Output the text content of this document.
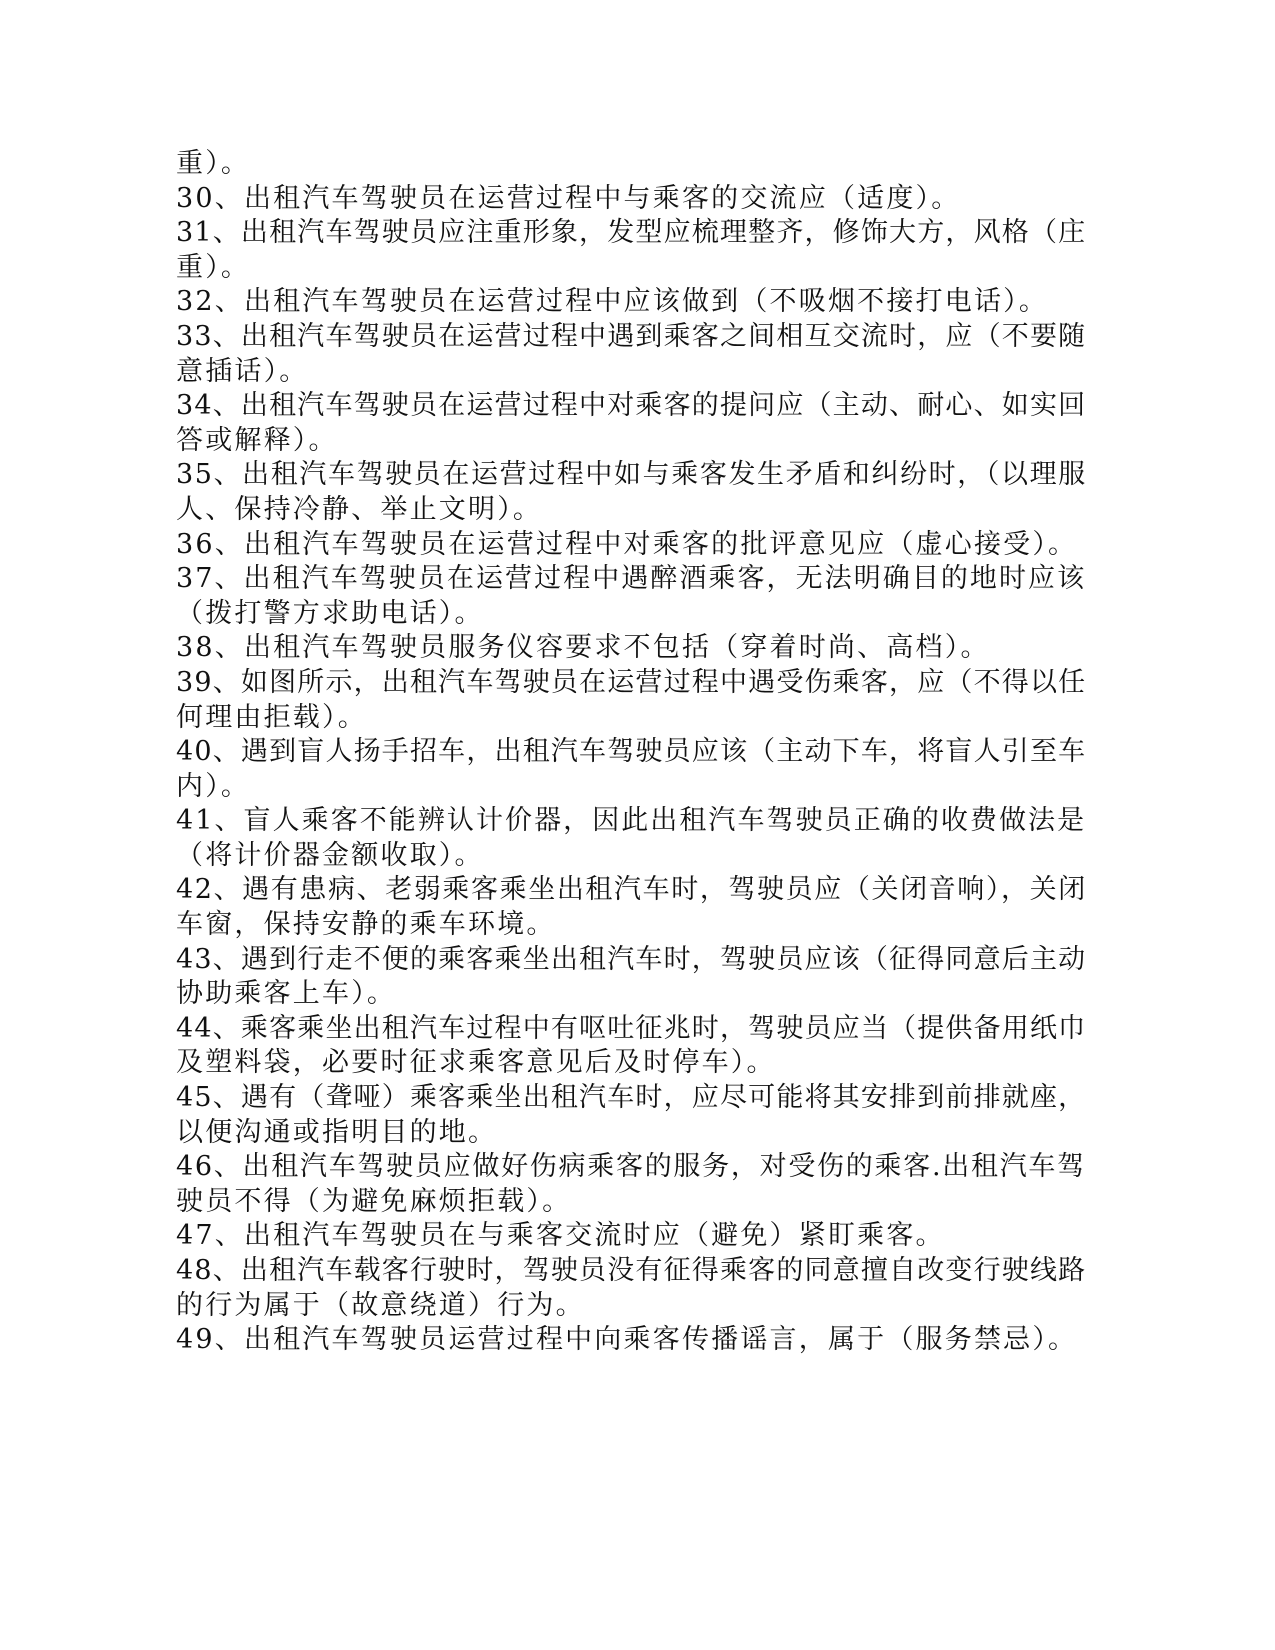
重）。
30、出租汽车驾驶员在运营过程中与乘客的交流应（适度）。
31、出租汽车驾驶员应注重形象，发型应梳理整齐，修饰大方，风格（庄
重）。
32、出租汽车驾驶员在运营过程中应该做到（不吸烟不接打电话）。
33、出租汽车驾驶员在运营过程中遇到乘客之间相互交流时，应（不要随
意插话）。
34、出租汽车驾驶员在运营过程中对乘客的提问应（主动、耐心、如实回
答或解释）。
35、出租汽车驾驶员在运营过程中如与乘客发生矛盾和纠纷时，（以理服
人、保持冷静、举止文明）。
36、出租汽车驾驶员在运营过程中对乘客的批评意见应（虚心接受）。
37、出租汽车驾驶员在运营过程中遇醉酒乘客，无法明确目的地时应该
（拨打警方求助电话）。
38、出租汽车驾驶员服务仪容要求不包括（穿着时尚、高档）。
39、如图所示，出租汽车驾驶员在运营过程中遇受伤乘客，应（不得以任
何理由拒载）。
40、遇到盲人扬手招车，出租汽车驾驶员应该（主动下车，将盲人引至车
内）。
41、盲人乘客不能辨认计价器，因此出租汽车驾驶员正确的收费做法是
（将计价器金额收取）。
42、遇有患病、老弱乘客乘坐出租汽车时，驾驶员应（关闭音响），关闭
车窗，保持安静的乘车环境。
43、遇到行走不便的乘客乘坐出租汽车时，驾驶员应该（征得同意后主动
协助乘客上车）。
44、乘客乘坐出租汽车过程中有呕吐征兆时，驾驶员应当（提供备用纸巾
及塑料袋，必要时征求乘客意见后及时停车）。
45、遇有（聋哑）乘客乘坐出租汽车时，应尽可能将其安排到前排就座，
以便沟通或指明目的地。
46、出租汽车驾驶员应做好伤病乘客的服务，对受伤的乘客.出租汽车驾
驶员不得（为避免麻烦拒载）。
47、出租汽车驾驶员在与乘客交流时应（避免）紧盯乘客。
48、出租汽车载客行驶时，驾驶员没有征得乘客的同意擅自改变行驶线路
的行为属于（故意绕道）行为。
49、出租汽车驾驶员运营过程中向乘客传播谣言，属于（服务禁忌）。
